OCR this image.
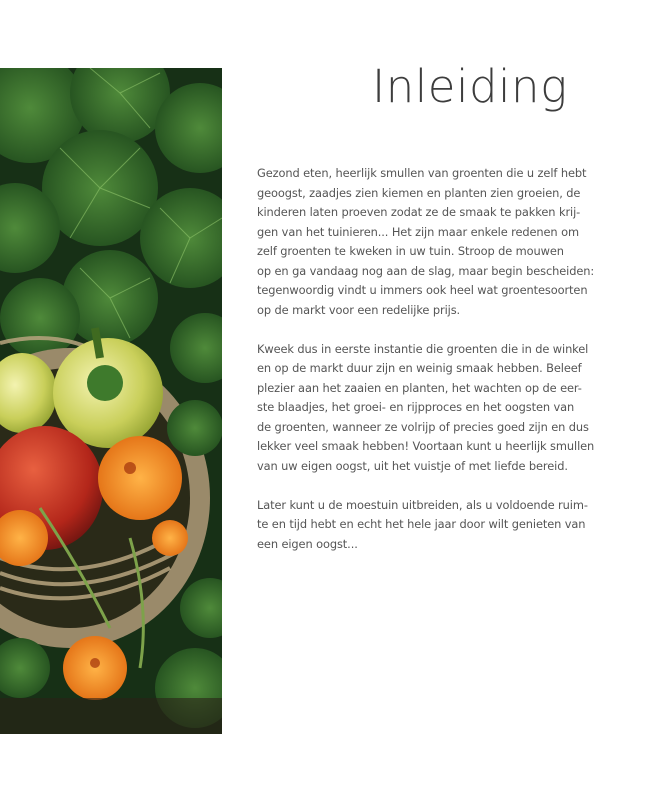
Inleiding

Gezond eten, heerlijk smullen van groenten die u zelf hebt
geoogst, zaadjes zien kiemen en planten zien groeien, de
kinderen laten proeven zodat ze de smaak te pakken krij-
gen van het tuinieren... Het zijn maar enkele redenen om
zelf groenten te kweken in uw tuin. Stroop de mouwen
op en ga vandaag nog aan de slag, maar begin bescheiden:
tegenwoordig vindt u immers ook heel wat groentesoorten
op de markt voor een redelijke prijs.

Kweek dus in eerste instantie die groenten die in de winkel
en op de markt duur zijn en weinig smaak hebben. Beleef
plezier aan het zaaien en planten, het wachten op de eer-
ste blaadjes, het groei- en rijpproces en het oogsten van
de groenten, wanneer ze volrijp of precies goed zijn en dus
lekker veel smaak hebben! Voortaan kunt u heerlijk smullen
van uw eigen oogst, uit het vuistje of met liefde bereid.

Later kunt u de moestuin uitbreiden, als u voldoende ruim-
te en tijd hebt en echt het hele jaar door wilt genieten van
een eigen oogst...
